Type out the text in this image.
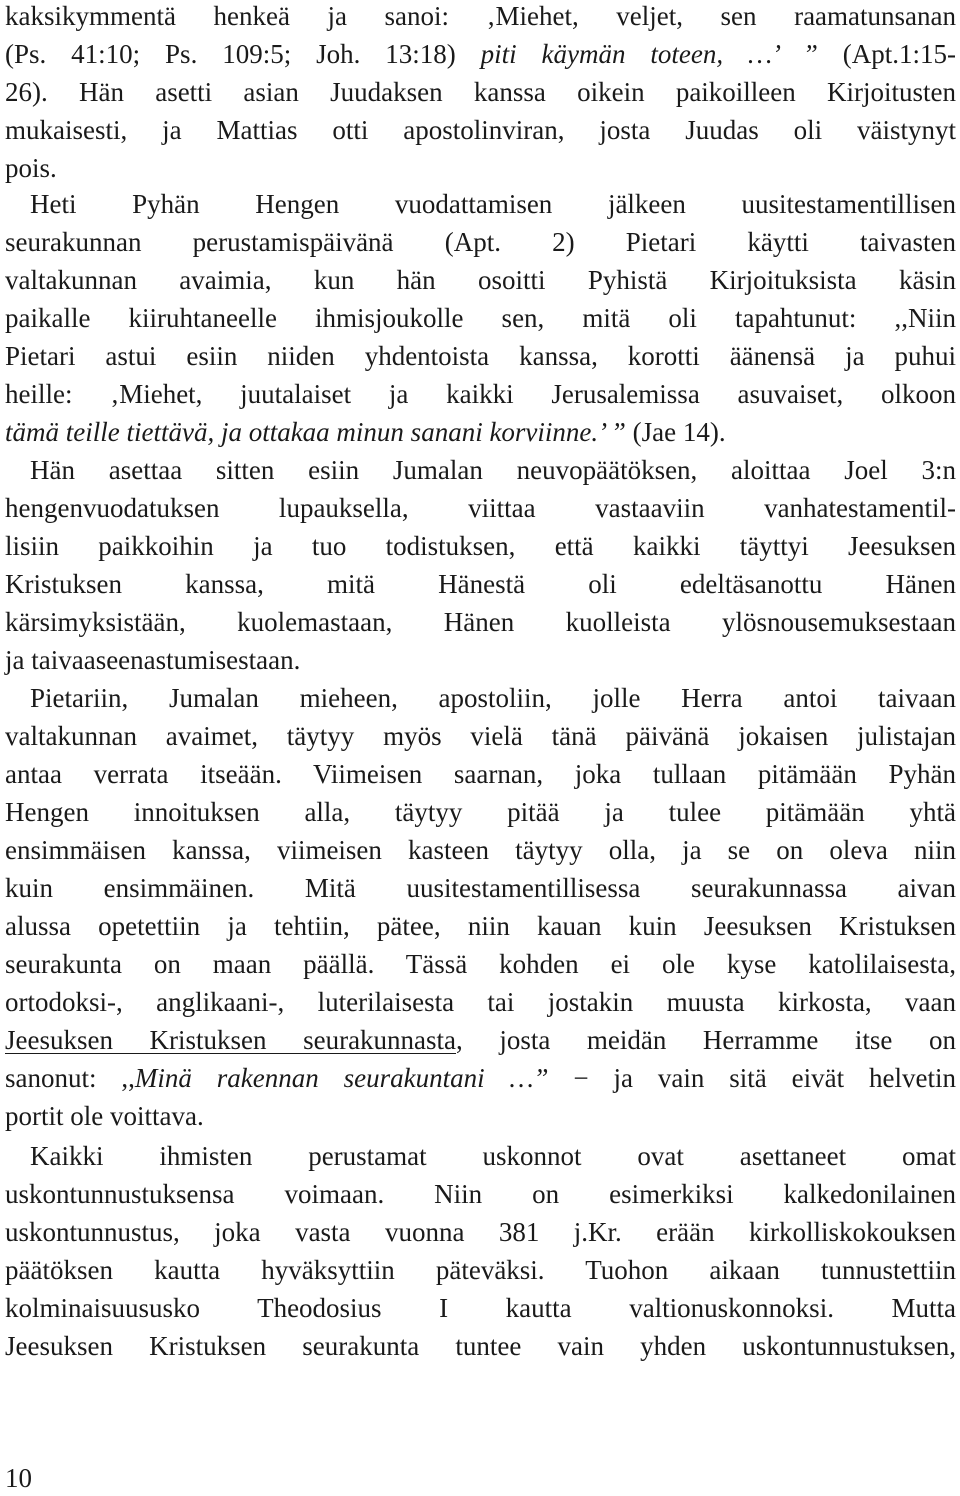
kaksikymmentä henkeä ja sanoi: ‚Miehet, veljet, sen raamatunsanan
(Ps. 41:10; Ps. 109:5; Joh. 13:18) piti käymän toteen, …’ ” (Apt.1:15-
26). Hän asetti asian Juudaksen kanssa oikein paikoilleen Kirjoitusten
mukaisesti, ja Mattias otti apostolinviran, josta Juudas oli väistynyt
pois.
Heti Pyhän Hengen vuodattamisen jälkeen uusitestamentillisen
seurakunnan perustamispäivänä (Apt. 2) Pietari käytti taivasten
valtakunnan avaimia, kun hän osoitti Pyhistä Kirjoituksista käsin
paikalle kiiruhtaneelle ihmisjoukolle sen, mitä oli tapahtunut: ,,Niin
Pietari astui esiin niiden yhdentoista kanssa, korotti äänensä ja puhui
heille: ‚Miehet, juutalaiset ja kaikki Jerusalemissa asuvaiset, olkoon
tämä teille tiettävä, ja ottakaa minun sanani korviinne.’ ” (Jae 14).
Hän asettaa sitten esiin Jumalan neuvopäätöksen, aloittaa Joel 3:n
hengenvuodatuksen lupauksella, viittaa vastaaviin vanhatestamentil-
lisiin paikkoihin ja tuo todistuksen, että kaikki täyttyi Jeesuksen
Kristuksen kanssa, mitä Hänestä oli edeltäsanottu Hänen
kärsimyksistään, kuolemastaan, Hänen kuolleista ylösnousemuksestaan
ja taivaaseenastumisestaan.
Pietariin, Jumalan mieheen, apostoliin, jolle Herra antoi taivaan
valtakunnan avaimet, täytyy myös vielä tänä päivänä jokaisen julistajan
antaa verrata itseään. Viimeisen saarnan, joka tullaan pitämään Pyhän
Hengen innoituksen alla, täytyy pitää ja tulee pitämään yhtä
ensimmäisen kanssa, viimeisen kasteen täytyy olla, ja se on oleva niin
kuin ensimmäinen. Mitä uusitestamentillisessa seurakunnassa aivan
alussa opetettiin ja tehtiin, pätee, niin kauan kuin Jeesuksen Kristuksen
seurakunta on maan päällä. Tässä kohden ei ole kyse katolilaisesta,
ortodoksi-, anglikaani-, luterilaisesta tai jostakin muusta kirkosta, vaan
Jeesuksen Kristuksen seurakunnasta, josta meidän Herramme itse on
sanonut: ,,Minä rakennan seurakuntani …” − ja vain sitä eivät helvetin
portit ole voittava.
Kaikki ihmisten perustamat uskonnot ovat asettaneet omat
uskontunnustuksensa voimaan. Niin on esimerkiksi kalkedonilainen
uskontunnustus, joka vasta vuonna 381 j.Kr. erään kirkolliskokouksen
päätöksen kautta hyväksyttiin päteväksi. Tuohon aikaan tunnustettiin
kolminaisuususko Theodosius I kautta valtionuskonnoksi. Mutta
Jeesuksen Kristuksen seurakunta tuntee vain yhden uskontunnustuksen,
10
